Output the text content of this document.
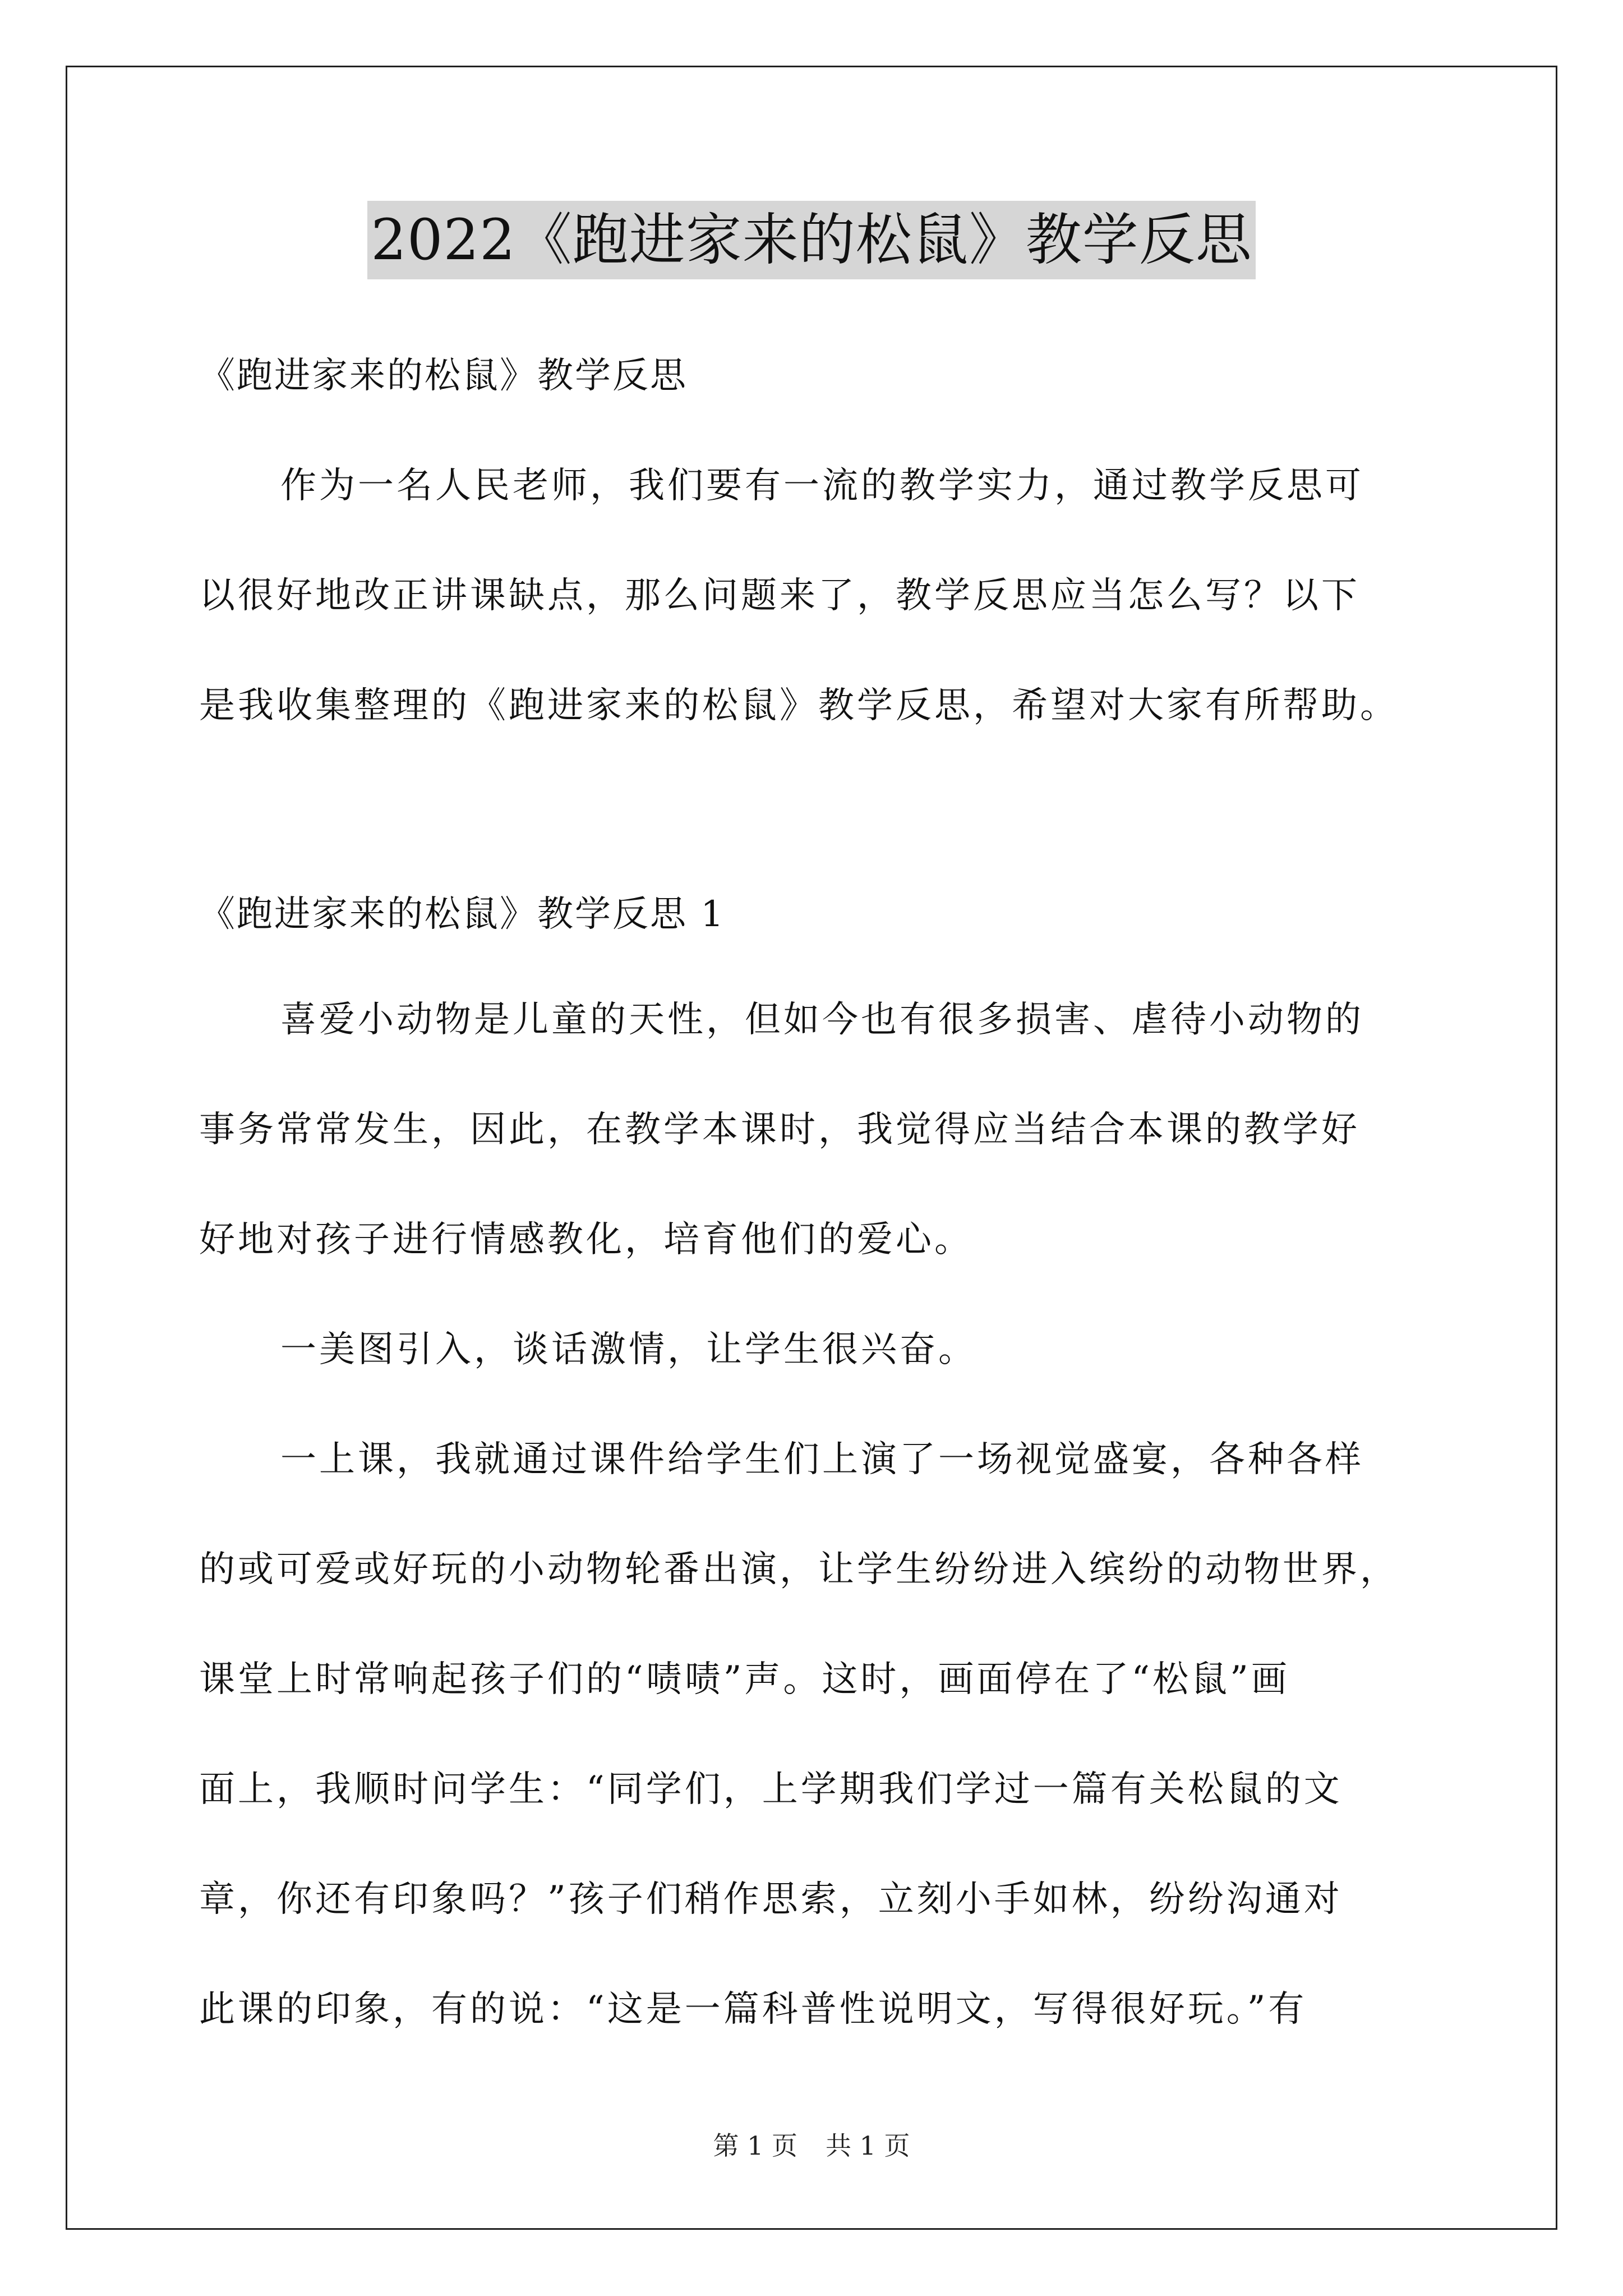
2022《跑进家来的松鼠》教学反思
《跑进家来的松鼠》教学反思
作为一名人民老师，我们要有一流的教学实力，通过教学反思可
以很好地改正讲课缺点，那么问题来了，教学反思应当怎么写？以下
是我收集整理的《跑进家来的松鼠》教学反思，希望对大家有所帮助。
《跑进家来的松鼠》教学反思 1
喜爱小动物是儿童的天性，但如今也有很多损害、虐待小动物的
事务常常发生，因此，在教学本课时，我觉得应当结合本课的教学好
好地对孩子进行情感教化，培育他们的爱心。
一美图引入，谈话激情，让学生很兴奋。
一上课，我就通过课件给学生们上演了一场视觉盛宴，各种各样
的或可爱或好玩的小动物轮番出演，让学生纷纷进入缤纷的动物世界，
课堂上时常响起孩子们的“啧啧”声。这时，画面停在了“松鼠”画
面上，我顺时问学生：“同学们，上学期我们学过一篇有关松鼠的文
章，你还有印象吗？”孩子们稍作思索，立刻小手如林，纷纷沟通对
此课的印象，有的说：“这是一篇科普性说明文，写得很好玩。”有
第 1 页 共 1 页
